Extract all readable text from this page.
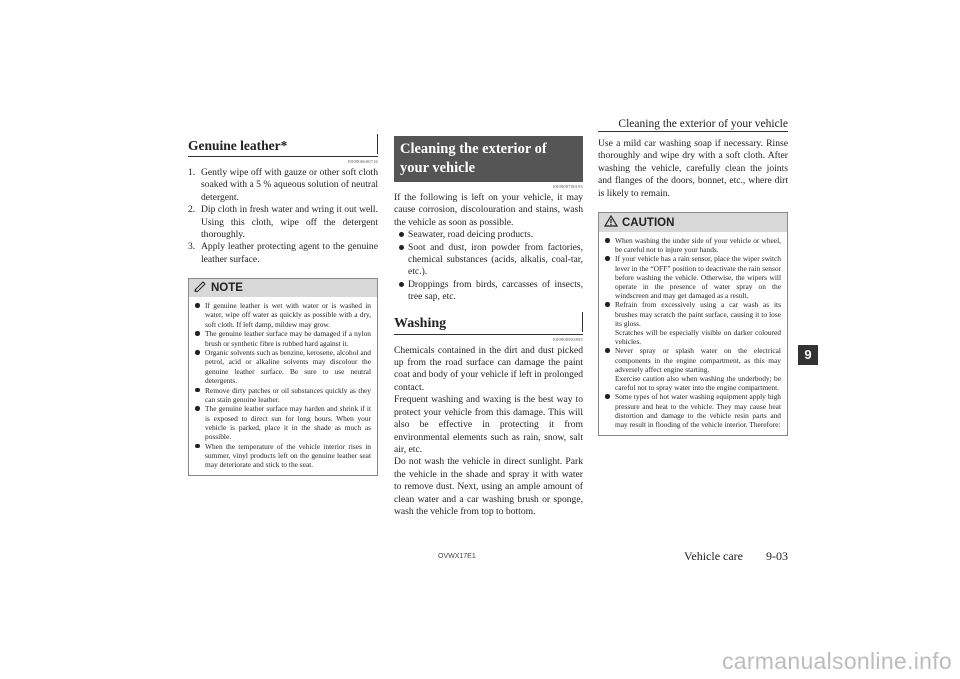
Cleaning the exterior of your vehicle
Genuine leather*
E00906600716
1. Gently wipe off with gauze or other soft cloth soaked with a 5 % aqueous solution of neutral detergent.
2. Dip cloth in fresh water and wring it out well. Using this cloth, wipe off the detergent thoroughly.
3. Apply leather protecting agent to the genuine leather surface.
NOTE
If genuine leather is wet with water or is washed in water, wipe off water as quickly as possible with a dry, soft cloth. If left damp, mildew may grow.
The genuine leather surface may be damaged if a nylon brush or synthetic fibre is rubbed hard against it.
Organic solvents such as benzine, kerosene, alcohol and petrol, acid or alkaline solvents may discolour the genuine leather surface. Be sure to use neutral detergents.
Remove dirty patches or oil substances quickly as they can stain genuine leather.
The genuine leather surface may harden and shrink if it is exposed to direct sun for long hours. When your vehicle is parked, place it in the shade as much as possible.
When the temperature of the vehicle interior rises in summer, vinyl products left on the genuine leather seat may deteriorate and stick to the seat.
Cleaning the exterior of
your vehicle
E00900700195
If the following is left on your vehicle, it may cause corrosion, discolouration and stains, wash the vehicle as soon as possible.
Seawater, road deicing products.
Soot and dust, iron powder from factories, chemical substances (acids, alkalis, coal-tar, etc.).
Droppings from birds, carcasses of insects, tree sap, etc.
Washing
E00900903895
Chemicals contained in the dirt and dust picked up from the road surface can damage the paint coat and body of your vehicle if left in prolonged contact.
Frequent washing and waxing is the best way to protect your vehicle from this damage. This will also be effective in protecting it from environmental elements such as rain, snow, salt air, etc.
Do not wash the vehicle in direct sunlight. Park the vehicle in the shade and spray it with water to remove dust. Next, using an ample amount of clean water and a car washing brush or sponge, wash the vehicle from top to bottom.
Use a mild car washing soap if necessary. Rinse thoroughly and wipe dry with a soft cloth. After washing the vehicle, carefully clean the joints and flanges of the doors, bonnet, etc., where dirt is likely to remain.
CAUTION
When washing the under side of your vehicle or wheel, be careful not to injure your hands.
If your vehicle has a rain sensor, place the wiper switch lever in the “OFF” position to deactivate the rain sensor before washing the vehicle. Otherwise, the wipers will operate in the presence of water spray on the windscreen and may get damaged as a result.
Refrain from excessively using a car wash as its brushes may scratch the paint surface, causing it to lose its gloss.
Scratches will be especially visible on darker coloured vehicles.
Never spray or splash water on the electrical components in the engine compartment, as this may adversely affect engine starting.
Exercise caution also when washing the underbody; be careful not to spray water into the engine compartment.
Some types of hot water washing equipment apply high pressure and heat to the vehicle. They may cause heat distortion and damage to the vehicle resin parts and may result in flooding of the vehicle interior. Therefore:
OVWX17E1	Vehicle care 9-03
9
carmanualsonline.info
